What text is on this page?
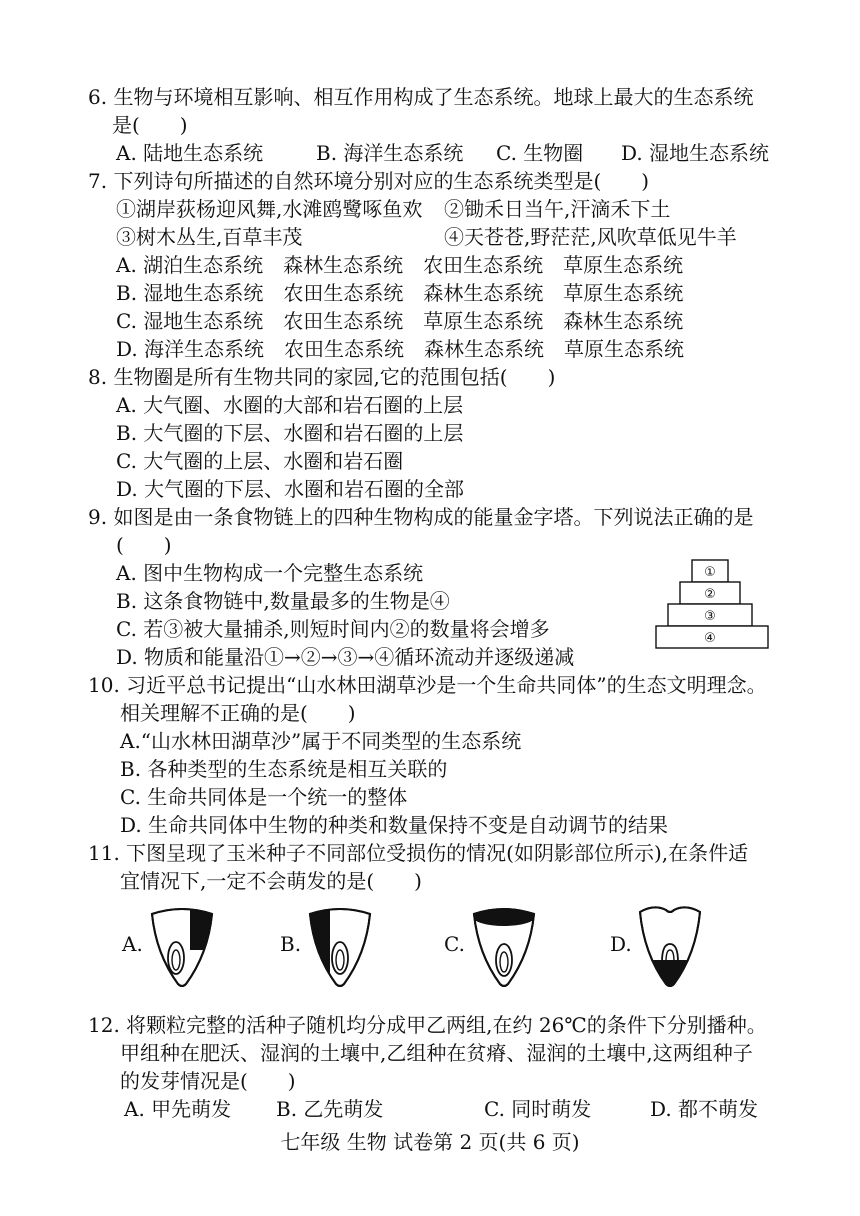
6. 生物与环境相互影响、相互作用构成了生态系统。地球上最大的生态系统
是(　　)
A. 陆地生态系统	B. 海洋生态系统	C. 生物圈	D. 湿地生态系统
7. 下列诗句所描述的自然环境分别对应的生态系统类型是(　　)
①湖岸荻杨迎风舞,水滩鸥鹭啄鱼欢 ②锄禾日当午,汗滴禾下土
③树木丛生,百草丰茂	④天苍苍,野茫茫,风吹草低见牛羊
A. 湖泊生态系统　森林生态系统　农田生态系统　草原生态系统
B. 湿地生态系统　农田生态系统　森林生态系统　草原生态系统
C. 湿地生态系统　农田生态系统　草原生态系统　森林生态系统
D. 海洋生态系统　农田生态系统　森林生态系统　草原生态系统
8. 生物圈是所有生物共同的家园,它的范围包括(　　)
A. 大气圈、水圈的大部和岩石圈的上层
B. 大气圈的下层、水圈和岩石圈的上层
C. 大气圈的上层、水圈和岩石圈
D. 大气圈的下层、水圈和岩石圈的全部
9. 如图是由一条食物链上的四种生物构成的能量金字塔。下列说法正确的是
(　　)
A. 图中生物构成一个完整生态系统
B. 这条食物链中,数量最多的生物是④
C. 若③被大量捕杀,则短时间内②的数量将会增多
D. 物质和能量沿①→②→③→④循环流动并逐级递减
①
②
③
④
10. 习近平总书记提出“山水林田湖草沙是一个生命共同体”的生态文明理念。
相关理解不正确的是(　　)
A.“山水林田湖草沙”属于不同类型的生态系统
B. 各种类型的生态系统是相互关联的
C. 生命共同体是一个统一的整体
D. 生命共同体中生物的种类和数量保持不变是自动调节的结果
11. 下图呈现了玉米种子不同部位受损伤的情况(如阴影部位所示),在条件适
宜情况下,一定不会萌发的是(　　)
A.	B.	C.	D.
12. 将颗粒完整的活种子随机均分成甲乙两组,在约 26℃的条件下分别播种。
甲组种在肥沃、湿润的土壤中,乙组种在贫瘠、湿润的土壤中,这两组种子
的发芽情况是(　　)
A. 甲先萌发	B. 乙先萌发	C. 同时萌发	D. 都不萌发
七年级 生物 试卷第 2 页(共 6 页)
